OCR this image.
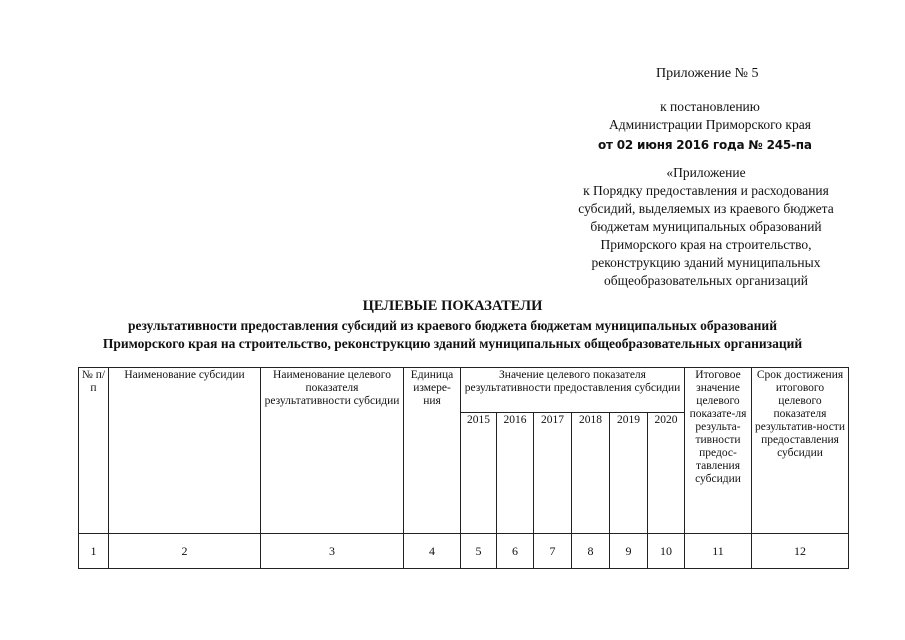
Приложение № 5
к постановлению
Администрации Приморского края
от 02 июня 2016 года № 245-па
«Приложение
к Порядку предоставления и расходования
субсидий, выделяемых из краевого бюджета
бюджетам муниципальных образований
Приморского края на строительство,
реконструкцию зданий муниципальных
общеобразовательных организаций
ЦЕЛЕВЫЕ ПОКАЗАТЕЛИ
результативности предоставления субсидий из краевого бюджета бюджетам муниципальных образований
Приморского края на строительство, реконструкцию зданий муниципальных общеобразовательных организаций
№ п/п	Наименование субсидии	Наименование целевого показателя результативности субсидии	Единица измере-ния	Значение целевого показателя результативности предоставления субсидии						Итоговое значение целевого показате-ля результа-тивности предос-тавления субсидии	Срок достижения итогового целевого показателя результатив-ности предоставления субсидии
				2015	2016	2017	2018	2019	2020		
1	2	3	4	5	6	7	8	9	10	11	12
